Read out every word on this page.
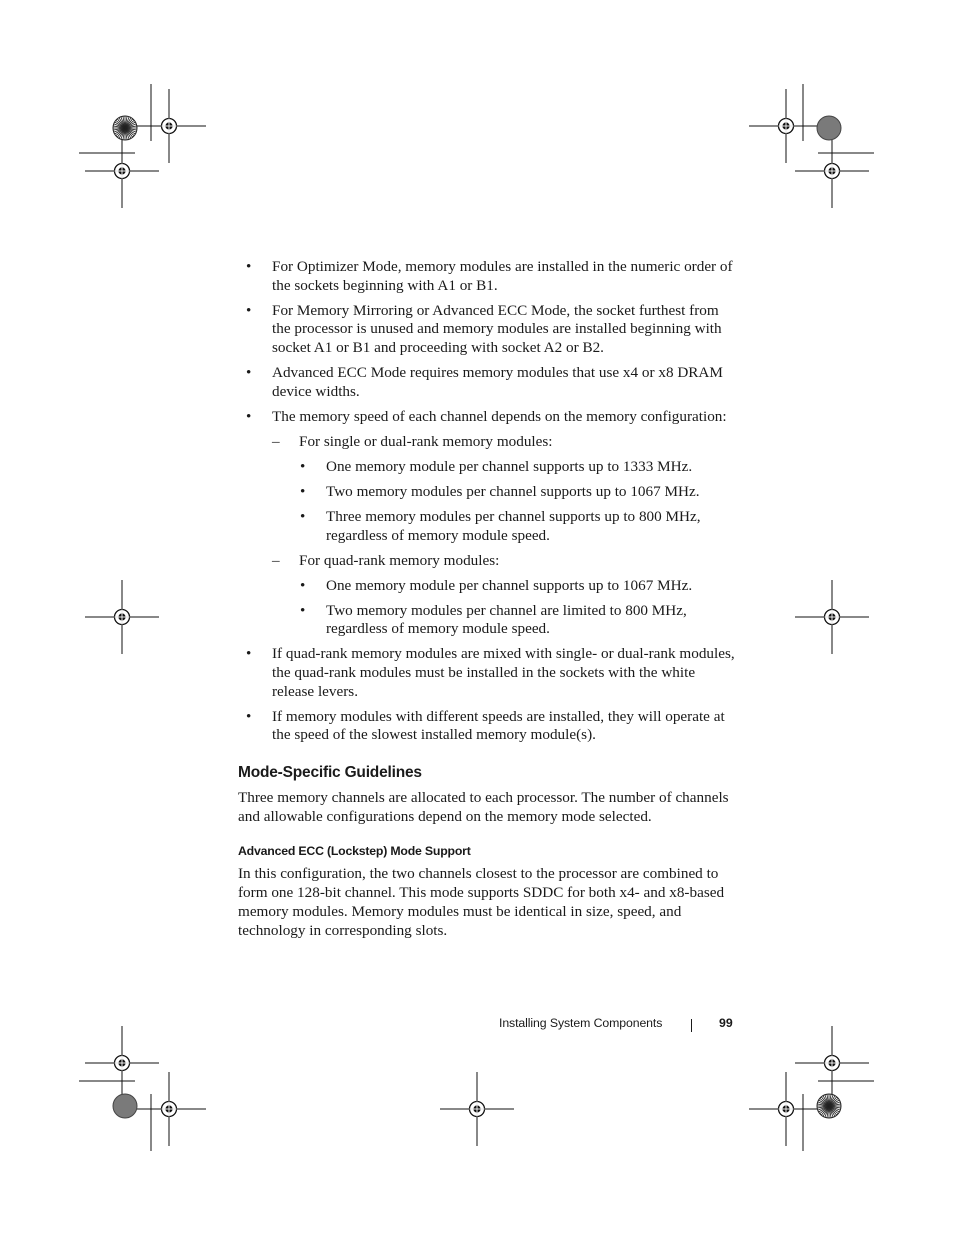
• For Optimizer Mode, memory modules are installed in the numeric order of the sockets beginning with A1 or B1.
• For Memory Mirroring or Advanced ECC Mode, the socket furthest from the processor is unused and memory modules are installed beginning with socket A1 or B1 and proceeding with socket A2 or B2.
• Advanced ECC Mode requires memory modules that use x4 or x8 DRAM device widths.
• The memory speed of each channel depends on the memory configuration:
– For single or dual-rank memory modules:
• One memory module per channel supports up to 1333 MHz.
• Two memory modules per channel supports up to 1067 MHz.
• Three memory modules per channel supports up to 800 MHz, regardless of memory module speed.
– For quad-rank memory modules:
• One memory module per channel supports up to 1067 MHz.
• Two memory modules per channel are limited to 800 MHz, regardless of memory module speed.
• If quad-rank memory modules are mixed with single- or dual-rank modules, the quad-rank modules must be installed in the sockets with the white release levers.
• If memory modules with different speeds are installed, they will operate at the speed of the slowest installed memory module(s).
Mode-Specific Guidelines

Three memory channels are allocated to each processor. The number of channels and allowable configurations depend on the memory mode selected.

Advanced ECC (Lockstep) Mode Support

In this configuration, the two channels closest to the processor are combined to form one 128-bit channel. This mode supports SDDC for both x4- and x8-based memory modules. Memory modules must be identical in size, speed, and technology in corresponding slots.

Installing System Components	99
